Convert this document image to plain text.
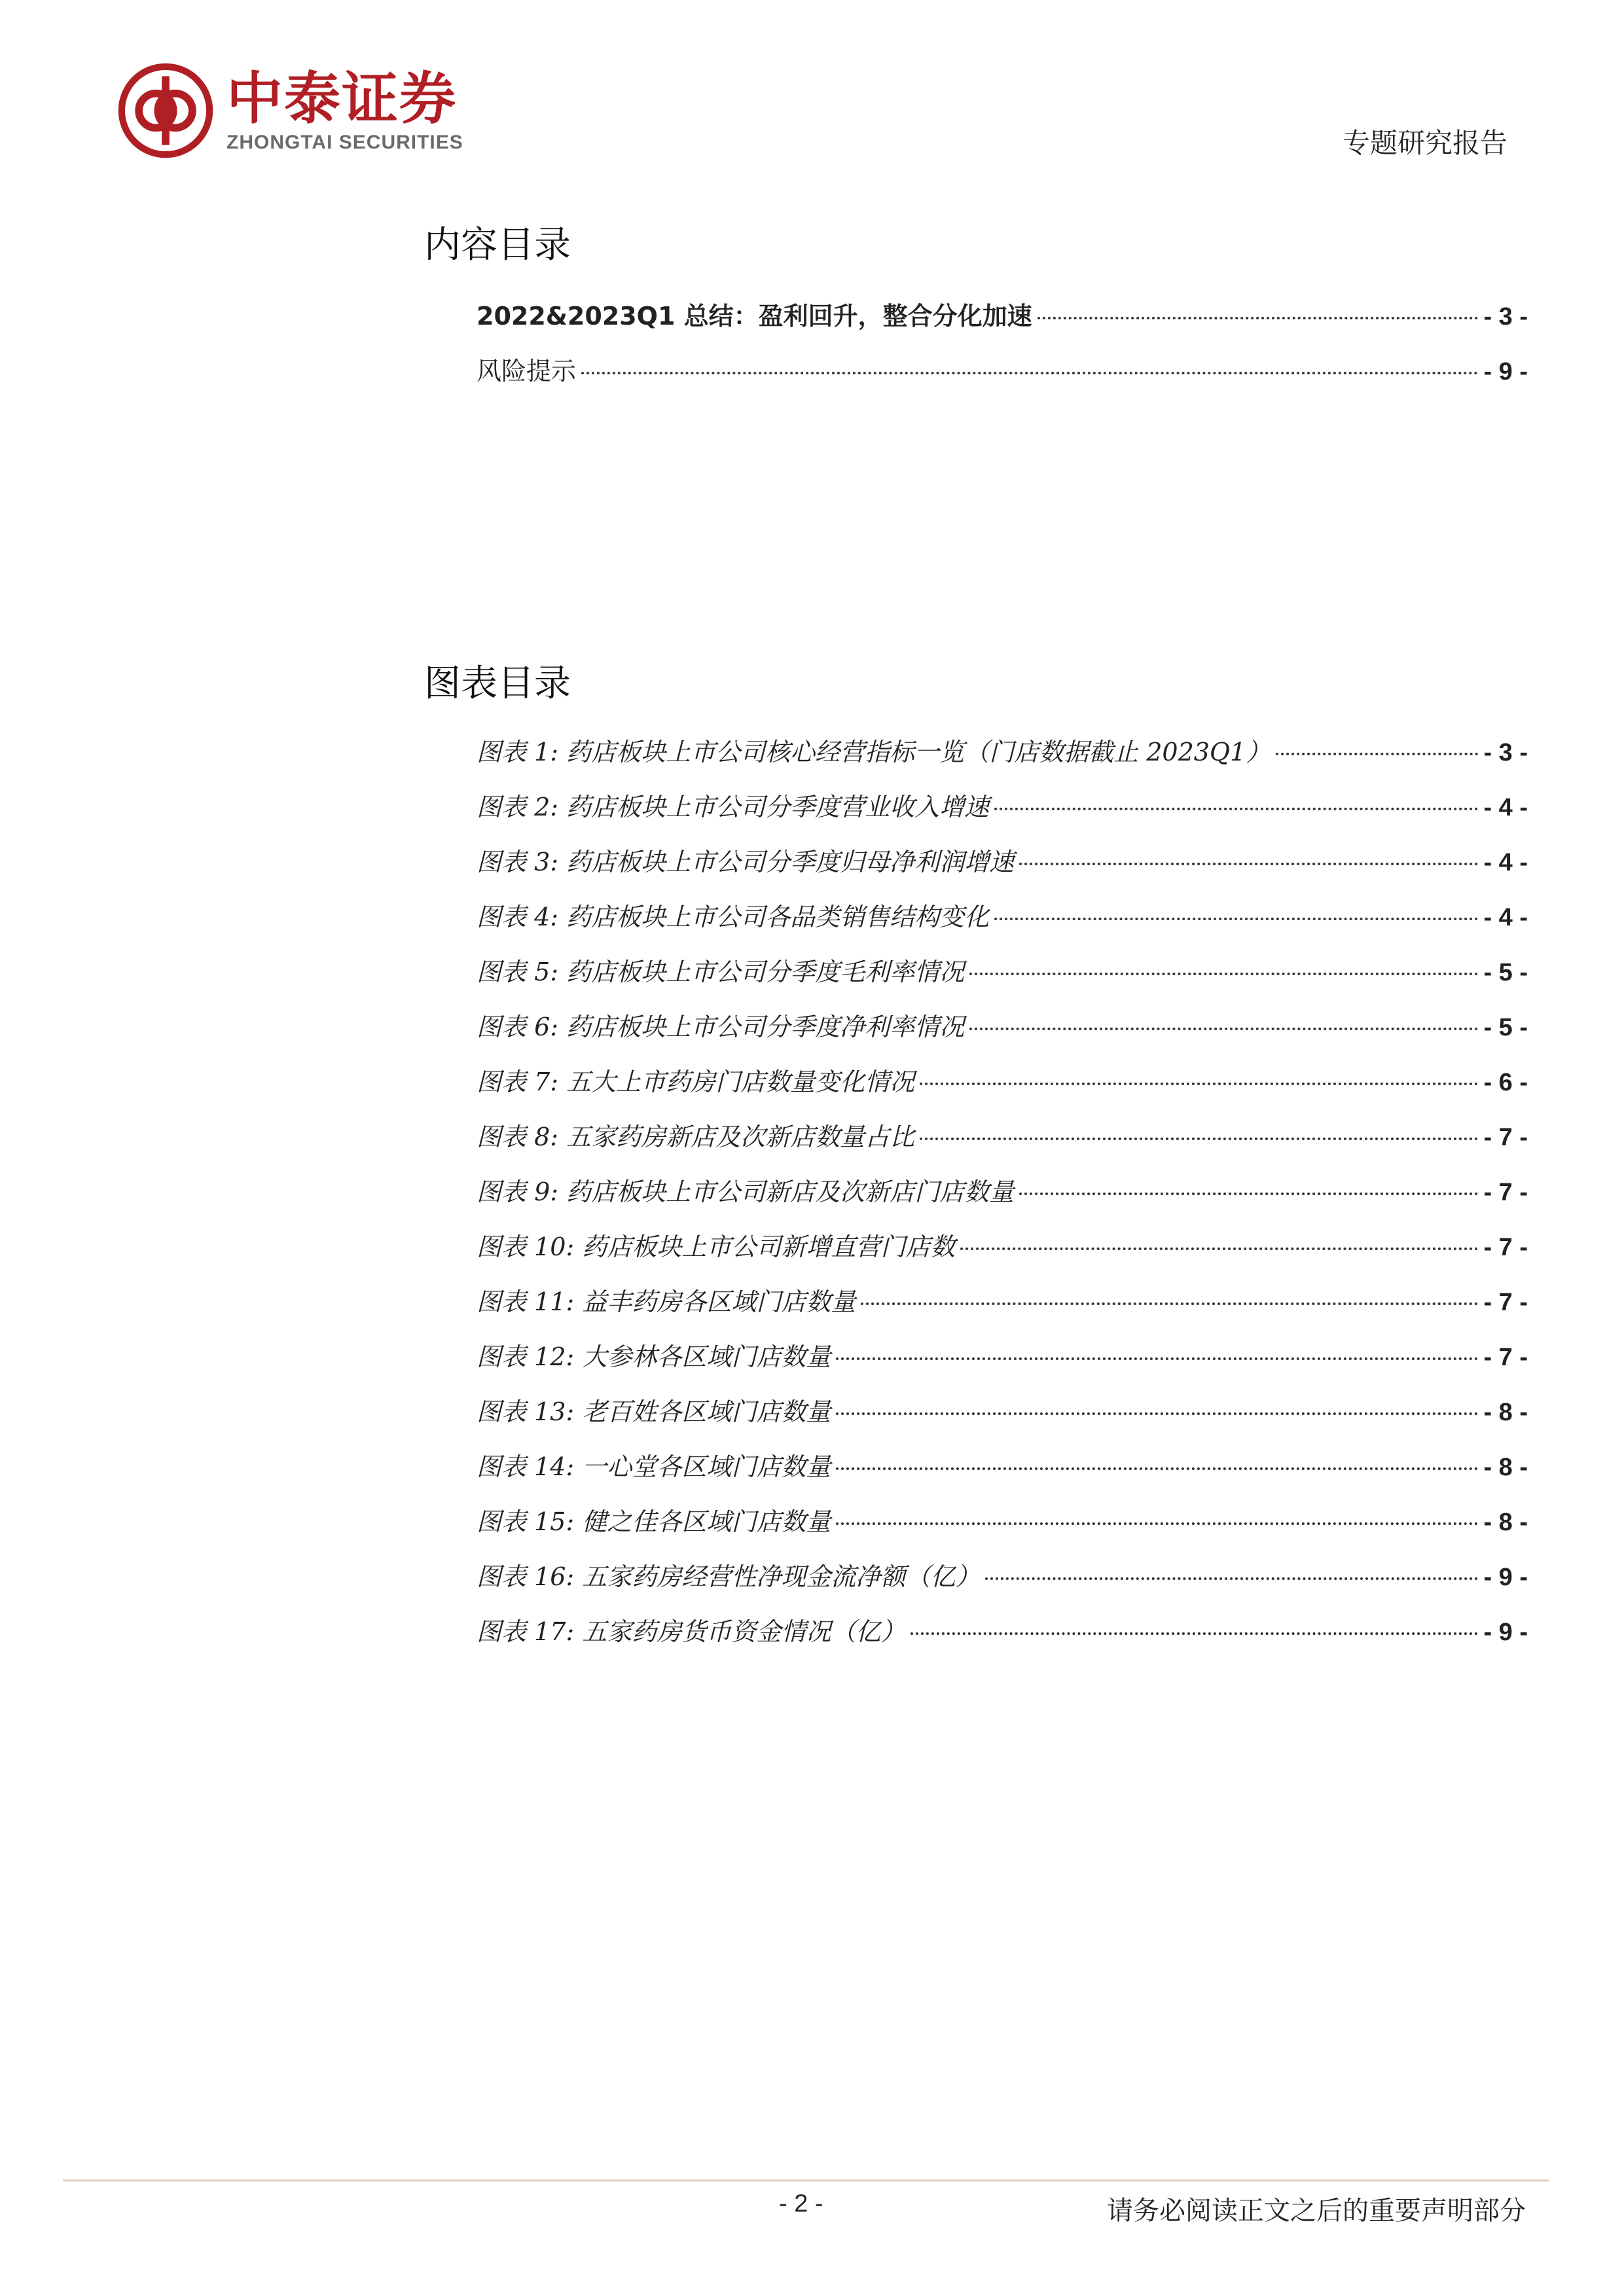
中泰证券
ZHONGTAI SECURITIES	专题研究报告
内容目录
2022&2023Q1 总结：盈利回升，整合分化加速	- 3 -
风险提示	- 9 -
图表目录
图表 1: 药店板块上市公司核心经营指标一览（门店数据截止 2023Q1）	- 3 -
图表 2: 药店板块上市公司分季度营业收入增速	- 4 -
图表 3: 药店板块上市公司分季度归母净利润增速	- 4 -
图表 4: 药店板块上市公司各品类销售结构变化	- 4 -
图表 5: 药店板块上市公司分季度毛利率情况	- 5 -
图表 6: 药店板块上市公司分季度净利率情况	- 5 -
图表 7: 五大上市药房门店数量变化情况	- 6 -
图表 8: 五家药房新店及次新店数量占比	- 7 -
图表 9: 药店板块上市公司新店及次新店门店数量	- 7 -
图表 10: 药店板块上市公司新增直营门店数	- 7 -
图表 11: 益丰药房各区域门店数量	- 7 -
图表 12: 大参林各区域门店数量	- 7 -
图表 13: 老百姓各区域门店数量	- 8 -
图表 14: 一心堂各区域门店数量	- 8 -
图表 15: 健之佳各区域门店数量	- 8 -
图表 16: 五家药房经营性净现金流净额（亿）	- 9 -
图表 17: 五家药房货币资金情况（亿）	- 9 -
- 2 -	请务必阅读正文之后的重要声明部分
